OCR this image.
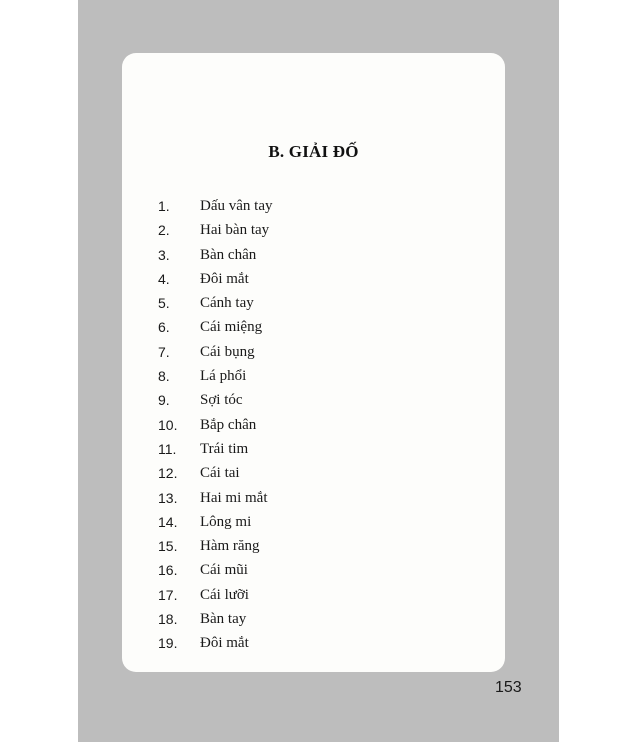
B. GIẢI ĐỐ
1.	Dấu vân tay
2.	Hai bàn tay
3.	Bàn chân
4.	Đôi mắt
5.	Cánh tay
6.	Cái miệng
7.	Cái bụng
8.	Lá phổi
9.	Sợi tóc
10.	Bắp chân
11.	Trái tim
12.	Cái tai
13.	Hai mi mắt
14.	Lông mi
15.	Hàm răng
16.	Cái mũi
17.	Cái lưỡi
18.	Bàn tay
19.	Đôi mắt
153
